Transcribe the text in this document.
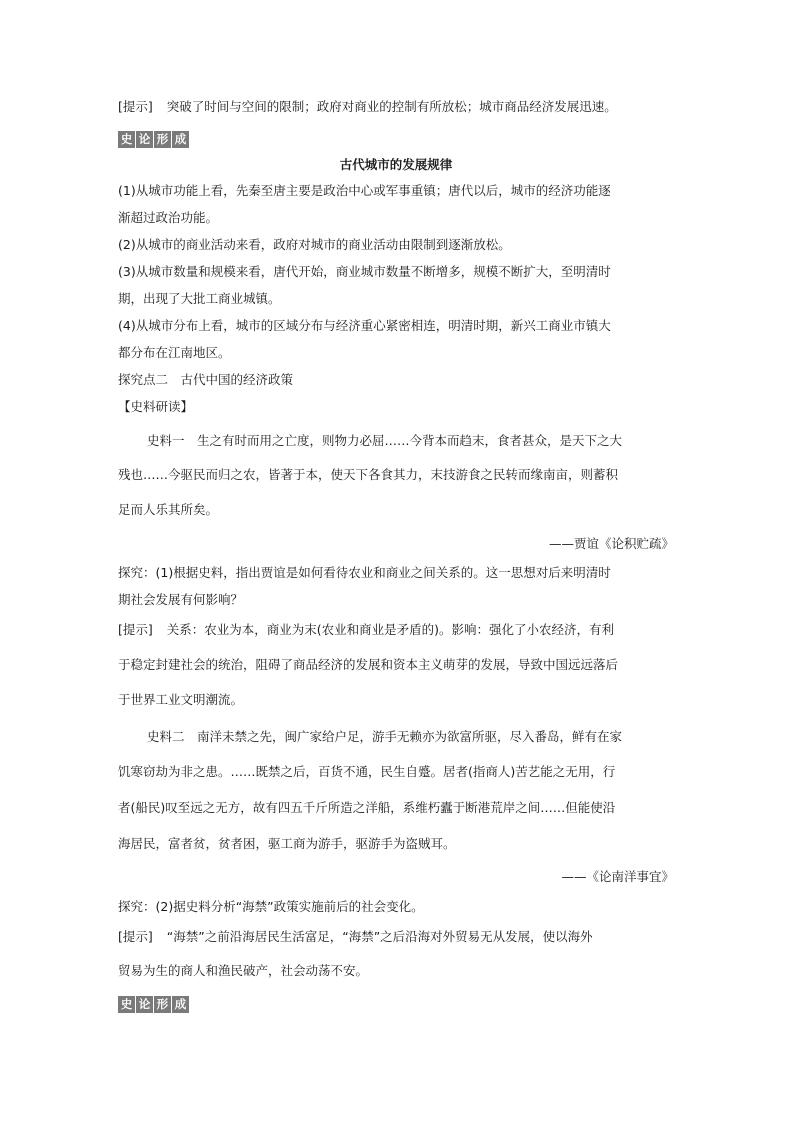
[提示] 突破了时间与空间的限制；政府对商业的控制有所放松；城市商品经济发展迅速。
史 论 形 成
古代城市的发展规律
(1)从城市功能上看，先秦至唐主要是政治中心或军事重镇；唐代以后，城市的经济功能逐
渐超过政治功能。
(2)从城市的商业活动来看，政府对城市的商业活动由限制到逐渐放松。
(3)从城市数量和规模来看，唐代开始，商业城市数量不断增多，规模不断扩大，至明清时
期，出现了大批工商业城镇。
(4)从城市分布上看，城市的区域分布与经济重心紧密相连，明清时期，新兴工商业市镇大
都分布在江南地区。
探究点二　古代中国的经济政策
【史料研读】
史料一　生之有时而用之亡度，则物力必屈……今背本而趋末，食者甚众，是天下之大
残也……今驱民而归之农，皆著于本，使天下各食其力，末技游食之民转而缘南亩，则蓄积
足而人乐其所矣。
——贾谊《论积贮疏》
探究：(1)根据史料，指出贾谊是如何看待农业和商业之间关系的。这一思想对后来明清时
期社会发展有何影响？
[提示] 关系：农业为本，商业为末(农业和商业是矛盾的)。影响：强化了小农经济，有利
于稳定封建社会的统治，阻碍了商品经济的发展和资本主义萌芽的发展，导致中国远远落后
于世界工业文明潮流。
史料二　南洋未禁之先，闽广家给户足，游手无赖亦为欲富所驱，尽入番岛，鲜有在家
饥寒窃劫为非之患。……既禁之后，百货不通，民生自蹙。居者(指商人)苦艺能之无用，行
者(船民)叹至远之无方，故有四五千斤所造之洋船，系维朽蠹于断港荒岸之间……但能使沿
海居民，富者贫，贫者困，驱工商为游手，驱游手为盗贼耳。
——《论南洋事宜》
探究：(2)据史料分析“海禁”政策实施前后的社会变化。
[提示] “海禁”之前沿海居民生活富足，“海禁”之后沿海对外贸易无从发展，使以海外
贸易为生的商人和渔民破产，社会动荡不安。
史 论 形 成
